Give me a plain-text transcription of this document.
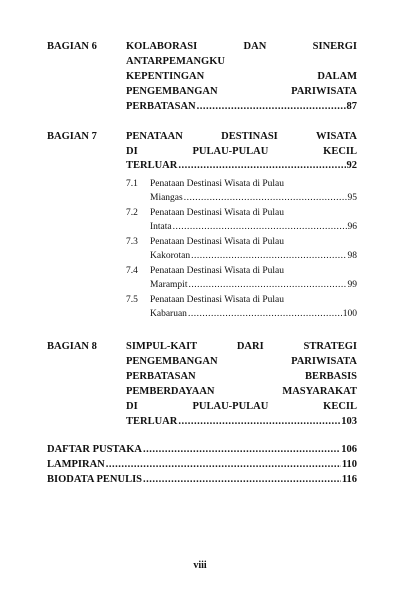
BAGIAN 6	KOLABORASI DAN SINERGI
ANTARPEMANGKU
KEPENTINGAN DALAM
PENGEMBANGAN PARIWISATA
PERBATASAN .....	87
BAGIAN 7	PENATAAN DESTINASI WISATA
DI PULAU-PULAU KECIL
TERLUAR .....	92
7.1 Penataan Destinasi Wisata di Pulau
Miangas .....	95
7.2 Penataan Destinasi Wisata di Pulau
Intata .....	96
7.3 Penataan Destinasi Wisata di Pulau
Kakorotan .....	98
7.4 Penataan Destinasi Wisata di Pulau
Marampit .....	99
7.5 Penataan Destinasi Wisata di Pulau
Kabaruan .....	100
BAGIAN 8	SIMPUL-KAIT DARI STRATEGI
PENGEMBANGAN PARIWISATA
PERBATASAN BERBASIS
PEMBERDAYAAN MASYARAKAT
DI PULAU-PULAU KECIL
TERLUAR .....	103
DAFTAR PUSTAKA .....	106
LAMPIRAN .....	110
BIODATA PENULIS .....	116
viii
